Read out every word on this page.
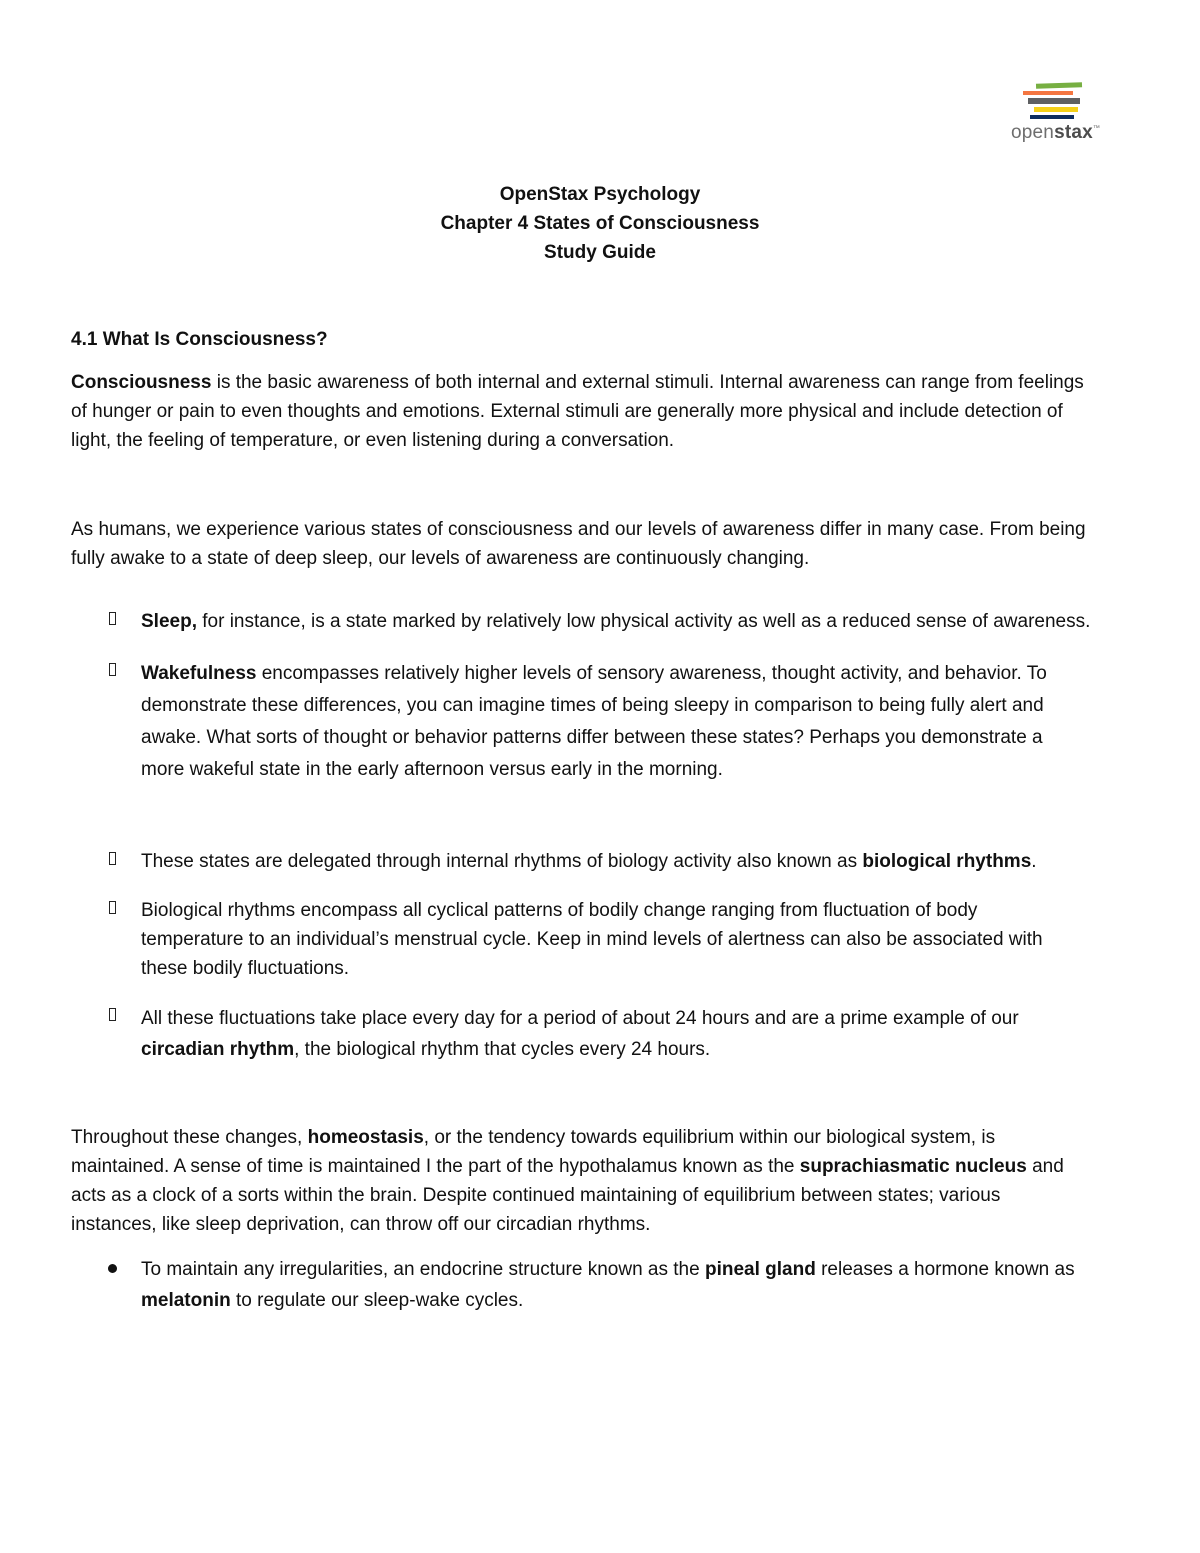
openstax™
OpenStax Psychology
Chapter 4 States of Consciousness
Study Guide
4.1 What Is Consciousness?
Consciousness is the basic awareness of both internal and external stimuli. Internal awareness can range from feelings
of hunger or pain to even thoughts and emotions. External stimuli are generally more physical and include detection of
light, the feeling of temperature, or even listening during a conversation.
As humans, we experience various states of consciousness and our levels of awareness differ in many case. From being
fully awake to a state of deep sleep, our levels of awareness are continuously changing.
Sleep, for instance, is a state marked by relatively low physical activity as well as a reduced sense of awareness.
Wakefulness encompasses relatively higher levels of sensory awareness, thought activity, and behavior. To
demonstrate these differences, you can imagine times of being sleepy in comparison to being fully alert and
awake. What sorts of thought or behavior patterns differ between these states? Perhaps you demonstrate a
more wakeful state in the early afternoon versus early in the morning.
These states are delegated through internal rhythms of biology activity also known as biological rhythms.
Biological rhythms encompass all cyclical patterns of bodily change ranging from fluctuation of body
temperature to an individual’s menstrual cycle. Keep in mind levels of alertness can also be associated with
these bodily fluctuations.
All these fluctuations take place every day for a period of about 24 hours and are a prime example of our
circadian rhythm, the biological rhythm that cycles every 24 hours.
Throughout these changes, homeostasis, or the tendency towards equilibrium within our biological system, is
maintained. A sense of time is maintained I the part of the hypothalamus known as the suprachiasmatic nucleus and
acts as a clock of a sorts within the brain. Despite continued maintaining of equilibrium between states; various
instances, like sleep deprivation, can throw off our circadian rhythms.
To maintain any irregularities, an endocrine structure known as the pineal gland releases a hormone known as
melatonin to regulate our sleep-wake cycles.
